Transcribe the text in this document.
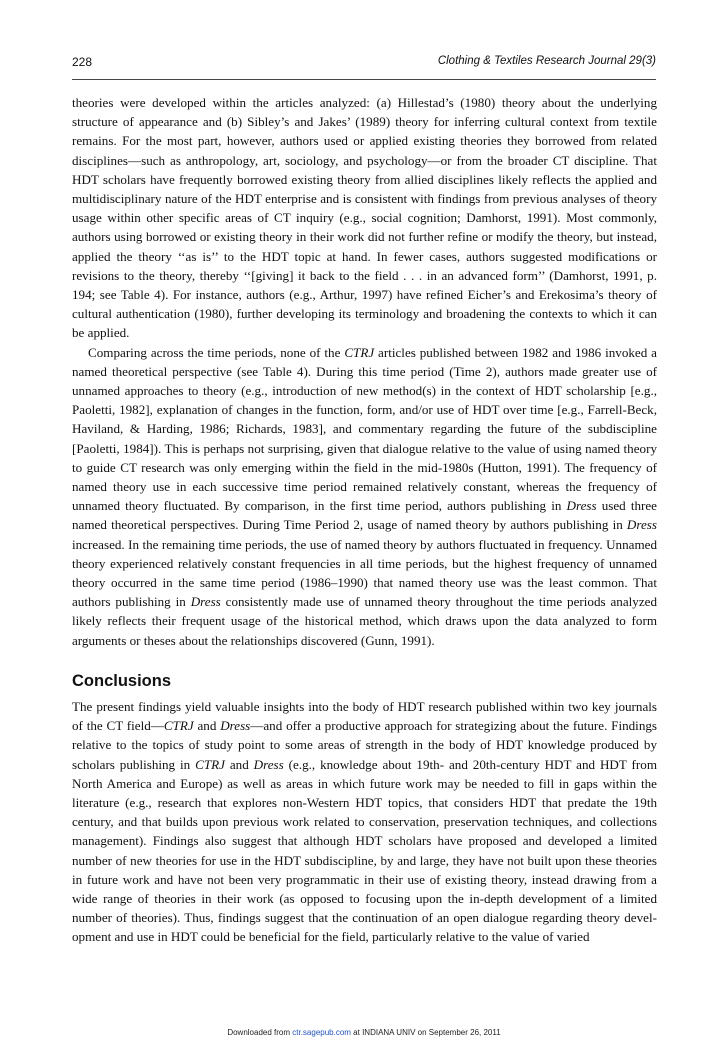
228	Clothing & Textiles Research Journal 29(3)

theories were developed within the articles analyzed: (a) Hillestad’s (1980) theory about the underlying structure of appearance and (b) Sibley’s and Jakes’ (1989) theory for inferring cultural context from textile remains. For the most part, however, authors used or applied existing theories they borrowed from related disciplines—such as anthropology, art, sociology, and psychology—or from the broader CT discipline. That HDT scholars have frequently borrowed existing theory from allied disciplines likely reflects the applied and multidisciplinary nature of the HDT enterprise and is consistent with findings from previous analyses of theory usage within other specific areas of CT inquiry (e.g., social cognition; Damhorst, 1991). Most commonly, authors using borrowed or existing theory in their work did not further refine or modify the theory, but instead, applied the theory ‘‘as is’’ to the HDT topic at hand. In fewer cases, authors suggested modifications or revisions to the theory, thereby ‘‘[giving] it back to the field . . . in an advanced form’’ (Damhorst, 1991, p. 194; see Table 4). For instance, authors (e.g., Arthur, 1997) have refined Eicher’s and Erekosima’s theory of cultural authentication (1980), further developing its terminology and broadening the contexts to which it can be applied.

Comparing across the time periods, none of the CTRJ articles published between 1982 and 1986 invoked a named theoretical perspective (see Table 4). During this time period (Time 2), authors made greater use of unnamed approaches to theory (e.g., introduction of new method(s) in the context of HDT scholarship [e.g., Paoletti, 1982], explanation of changes in the function, form, and/or use of HDT over time [e.g., Farrell-Beck, Haviland, & Harding, 1986; Richards, 1983], and commentary regarding the future of the subdiscipline [Paoletti, 1984]). This is perhaps not surprising, given that dialogue relative to the value of using named theory to guide CT research was only emerging within the field in the mid-1980s (Hutton, 1991). The frequency of named theory use in each successive time period remained relatively constant, whereas the frequency of unnamed theory fluctuated. By comparison, in the first time period, authors publishing in Dress used three named theoretical perspectives. During Time Period 2, usage of named theory by authors publishing in Dress increased. In the remaining time periods, the use of named theory by authors fluctuated in frequency. Unnamed theory experienced relatively constant frequencies in all time periods, but the highest frequency of unnamed theory occurred in the same time period (1986–1990) that named theory use was the least common. That authors publishing in Dress consistently made use of unnamed theory throughout the time periods analyzed likely reflects their frequent usage of the historical method, which draws upon the data analyzed to form arguments or theses about the relationships discovered (Gunn, 1991).

Conclusions

The present findings yield valuable insights into the body of HDT research published within two key journals of the CT field—CTRJ and Dress—and offer a productive approach for strategizing about the future. Findings relative to the topics of study point to some areas of strength in the body of HDT knowledge produced by scholars publishing in CTRJ and Dress (e.g., knowledge about 19th- and 20th-century HDT and HDT from North America and Europe) as well as areas in which future work may be needed to fill in gaps within the literature (e.g., research that explores non-Western HDT topics, that considers HDT that predate the 19th century, and that builds upon previous work related to conservation, preservation techniques, and collections management). Findings also suggest that although HDT scholars have proposed and developed a limited number of new theories for use in the HDT subdiscipline, by and large, they have not built upon these theories in future work and have not been very programmatic in their use of existing theory, instead drawing from a wide range of theories in their work (as opposed to focusing upon the in-depth development of a limited number of theories). Thus, findings suggest that the continuation of an open dialogue regarding theory development and use in HDT could be beneficial for the field, particularly relative to the value of varied

Downloaded from ctr.sagepub.com at INDIANA UNIV on September 26, 2011
